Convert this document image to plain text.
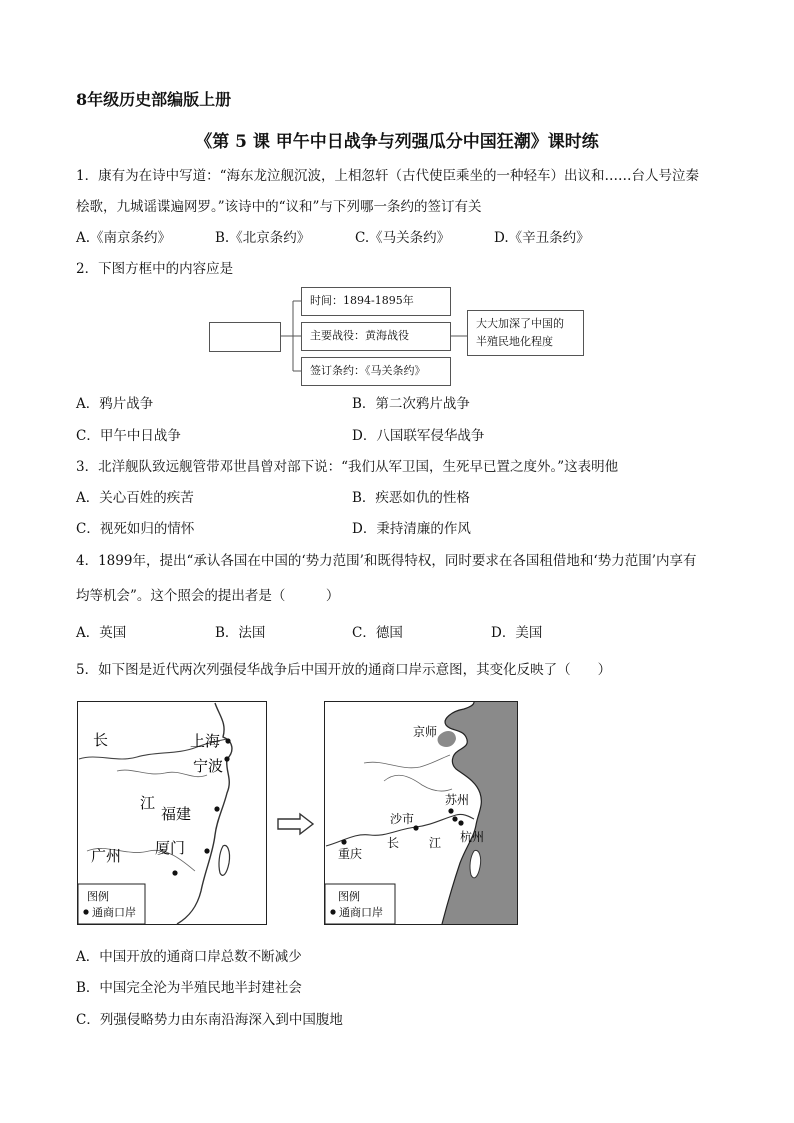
8年级历史部编版上册
《第 5 课 甲午中日战争与列强瓜分中国狂潮》课时练
1．康有为在诗中写道：“海东龙泣舰沉波，上相忽轩（古代使臣乘坐的一种轻车）出议和……台人号泣秦
桧歌，九城谣谍遍网罗。”该诗中的“议和”与下列哪一条约的签订有关
A.《南京条约》	B.《北京条约》	C.《马关条约》	D.《辛丑条约》
2．下图方框中的内容应是
时间：1894-1895年
主要战役：黄海战役
签订条约：《马关条约》
大大加深了中国的
半殖民地化程度
A．鸦片战争	B．第二次鸦片战争
C．甲午中日战争	D．八国联军侵华战争
3．北洋舰队致远舰管带邓世昌曾对部下说：“我们从军卫国，生死早已置之度外。”这表明他
A．关心百姓的疾苦	B．疾恶如仇的性格
C．视死如归的情怀	D．秉持清廉的作风
4．1899年，提出“承认各国在中国的‘势力范围’和既得特权，同时要求在各国租借地和‘势力范围’内享有
均等机会”。这个照会的提出者是（　　　）
A．英国	B．法国	C．德国	D．美国
5．如下图是近代两次列强侵华战争后中国开放的通商口岸示意图，其变化反映了（　　）
长
江
上海
宁波
福建
厦门
广州
图例
通商口岸
京师
苏州
沙市
长 江 杭州
重庆
图例
通商口岸
A．中国开放的通商口岸总数不断减少
B．中国完全沦为半殖民地半封建社会
C．列强侵略势力由东南沿海深入到中国腹地
